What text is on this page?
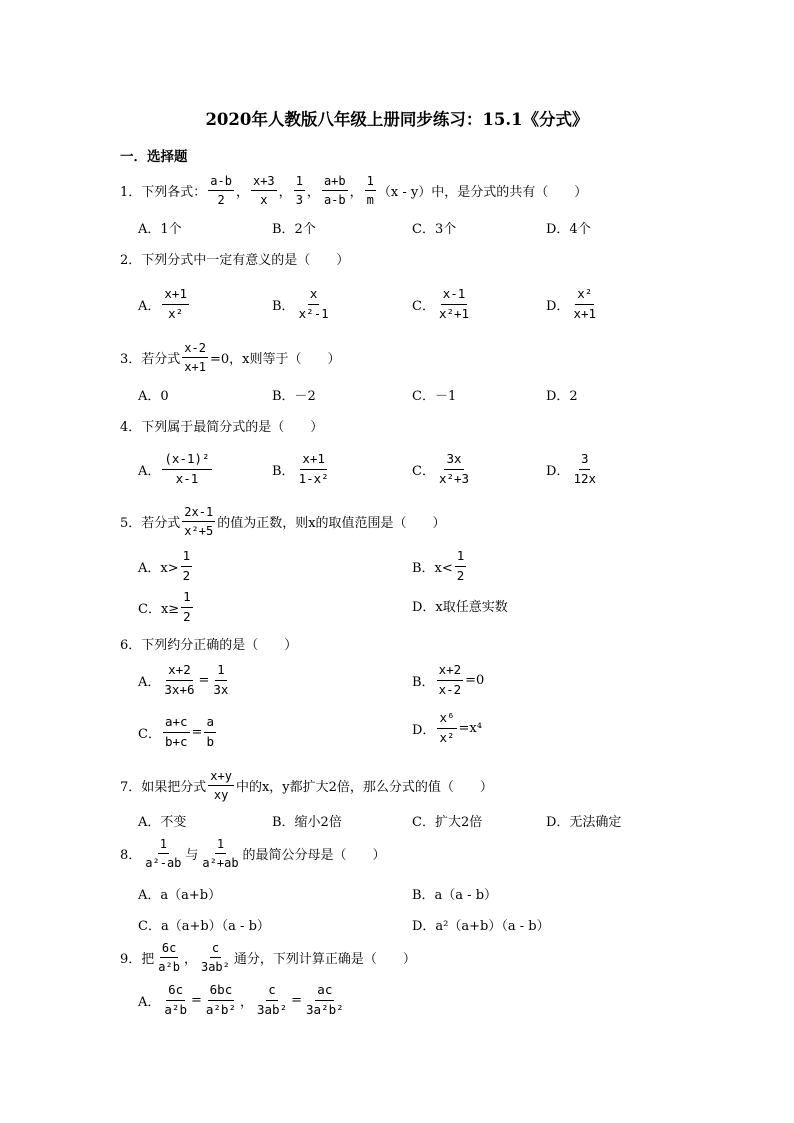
2020年人教版八年级上册同步练习：15.1《分式》
一．选择题
1．下列各式： $\frac{a-b}{2}$ ， $\frac{x+3}{x}$ ， $\frac{1}{3}$ ， $\frac{a+b}{a-b}$ ， $\frac{1}{m} (x - y)$中，是分式的共有（　　）
A．1个	B．2个	C．3个	D．4个
2．下列分式中一定有意义的是（　　）
A． $\frac{x+1}{\text{x²}}$	B． $\frac{x}{\text{x²-1}}$	C． $\frac{x-1}{\text{x²+1}}$	D． $\frac{\text{x²}}{x+1}$
3．若分式 $\frac{x-2}{x+1} =0$，x则等于（　　）
A．0	B．－2	C．－1	D．2
4．下列属于最简分式的是（　　）
A． $\frac{\text{(x-1)²}}{x-1}$	B． $\frac{x+1}{\text{1-x²}}$	C． $\frac{3x}{\text{x²+3}}$	D． $\frac{3}{12x}$
5．若分式 $\frac{2x-1}{\text{x²+5}}$ 的值为正数，则x的取值范围是（　　）
A．$x> \frac{1}{2}$	B．$x< \frac{1}{2}$
C．$x\ge \frac{1}{2}$	D．x取任意实数
6．下列约分正确的是（　　）
A． $\frac{x+2}{3x+6} = \frac{1}{3x}$	B． $\frac{x+2}{x-2} =0$
C． $\frac{a+c}{b+c} = \frac{a}{b}$	D． $\frac{\text{x⁶}}{\text{x²}} =x^4$
7．如果把分式 $\frac{x+y}{xy}$ 中的x，y都扩大2倍，那么分式的值（　　）
A．不变	B．缩小2倍	C．扩大2倍	D．无法确定
8． $\frac{1}{\text{a²-ab}}$ 与 $\frac{1}{\text{a²+ab}}$ 的最简公分母是（　　）
A．a（a+b）	B．a（a - b）
C．a（a+b）（a - b）	D．a²（a+b）（a - b）
9．把 $\frac{6c}{\text{a²b}}$ ， $\frac{c}{\text{3ab²}}$ 通分，下列计算正确是（　　）
A． $\frac{6c}{\text{a²b}} = \frac{6bc}{\text{a²b²}}$ ， $\frac{c}{\text{3ab²}} = \frac{ac}{\text{3a²b²}}$
